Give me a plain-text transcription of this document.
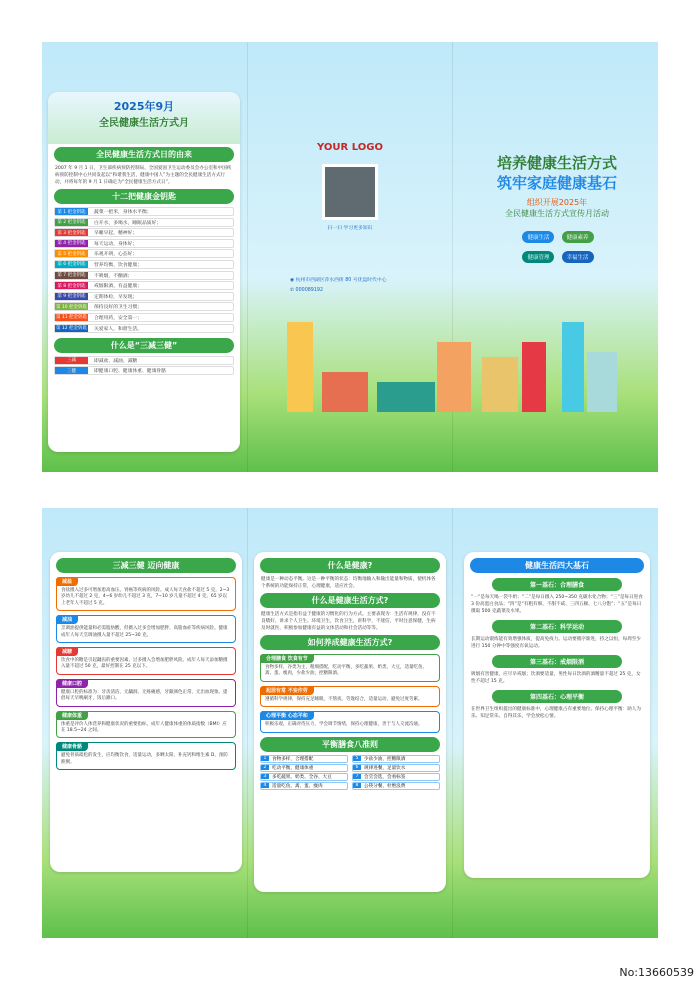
2025年9月
全民健康生活方式月
全民健康生活方式日的由来
2007 年 9 月 1 日，卫生部疾病预防控制局、全国爱国卫生运动委员会办公室和中国疾病预防控制中心共同发起以“和谐我生活，健康中国人”为主题的全民健康生活方式行动，并将每年的 9 月 1 日确定为“全民健康生活方式日”。
十二把健康金钥匙
第 1 把金钥匙	蔬菜一把米，身体水平衡；
第 2 把金钥匙	白开水，多喝水，睡眠品质好；
第 3 把金钥匙	早睡早起，精神好；
第 4 把金钥匙	每天运动，身体好；
第 5 把金钥匙	乐观开朗，心态好；
第 6 把金钥匙	营养均衡，饮食健康；
第 7 把金钥匙	不吸烟，不酗酒；
第 8 把金钥匙	戒烟限酒，有益健康；
第 9 把金钥匙	定期体检，早发现；
第 10 把金钥匙	保持良好的卫生习惯；
第 11 把金钥匙	合理用药，安全第一；
第 12 把金钥匙	关爱家人，和谐生活。
什么是“三减三健”
三减	即减盐、减油、减糖
三健	即健康口腔、健康体重、健康骨骼
YOUR LOGO
扫一扫 学习更多知识
◉ 杭州市西湖区萍水西街 80 号优盘时代中心
✆ 000089192
培养健康生活方式
筑牢家庭健康基石
组织开展2025年
全民健康生活方式宣传月活动
健康生活	健康素养 健康管理	幸福生活
三减三健 迈向健康
减盐
食盐摄入过多可增加患高血压、胃癌等疾病的风险。成人每天食盐不超过 5 克，2~3 岁幼儿不超过 2 克，4~6 岁幼儿不超过 3 克，7~10 岁儿童不超过 4 克，65 岁以上老年人不超过 5 克。
减油
烹调油提供能量和必需脂肪酸，但摄入过多会增加肥胖、高脂血症等疾病风险。健康成年人每天烹调油摄入量不超过 25~30 克。
减糖
饮食中的糖是引起龋齿的重要因素，过多摄入会增加肥胖风险。成年人每天添加糖摄入量不超过 50 克，最好控制在 25 克以下。
健康口腔
健康口腔的标准为：牙齿清洁、无龋洞、无疼痛感，牙龈颜色正常、无出血现象。提倡每天早晚刷牙，饭后漱口。
健康体重
体重是评价人体营养和健康状况的重要指标，成年人健康体重的体质指数（BMI）应在 18.5~24 之间。
健康骨骼
避免骨质疏松的发生，应均衡饮食，适量运动，多晒太阳，补充钙和维生素 D，预防跌倒。
什么是健康?
健康是一种动态平衡。这是一种平衡的状态：均衡地输入和输出能量和物质，使机体各个系统的功能保持正常，心理健康，适应社会。
什么是健康生活方式?
健康生活方式是指有益于健康的习惯化的行为方式。主要表现为：生活有规律，没有不良嗜好，讲求个人卫生、环境卫生，饮食卫生，讲科学，不迷信，平时注意保健，生病及时就医，积极参加健康有益的文体活动和社会活动等等。
如何养成健康生活方式?
合理膳食 饮食有节
食物多样，谷类为主，粗细搭配，吃动平衡，多吃蔬果、奶类、大豆，适量吃鱼、禽、蛋、瘦肉，少盐少油，控糖限酒。
起居有常 不妄作劳
遵循科学规律，保持充足睡眠，不熬夜，劳逸结合，适量运动，避免过度劳累。
心理平衡 心态平和
积极乐观，正确对待压力，学会调节情绪，保持心理健康，善于与人交流沟通。
平衡膳食八准则
1	食物多样，合理搭配	5	少盐少油，控糖限酒
2	吃动平衡，健康体重	6	规律进餐，足量饮水
3	多吃蔬果、奶类、全谷、大豆	7	会烹会选，会看标签
4	适量吃鱼、禽、蛋、瘦肉	8	公筷分餐，杜绝浪费
健康生活四大基石
第一基石：合理膳食
“一”是每天喝一袋牛奶；“二”是每日摄入 250~350 克碳水化合物；“三”是每日进食 3 份高蛋白食品；“四”是“有粗有细、不甜不咸、三四五顿、七八分饱”；“五”是每日摄取 500 克蔬菜及水果。
第二基石：科学运动
长期运动锻炼能有效增强体质，提高免疫力。运动要循序渐进，持之以恒，每周至少进行 150 分钟中等强度有氧运动。
第三基石：戒烟限酒
吸烟有害健康，应尽早戒烟；饮酒要适量，男性每日饮酒的酒精量不超过 25 克，女性不超过 15 克。
第四基石：心理平衡
在世界卫生组织提出的健康标准中，心理健康占有重要地位。保持心理平衡：助人为乐、知足常乐、自得其乐，学会放松心情。
No:13660539
